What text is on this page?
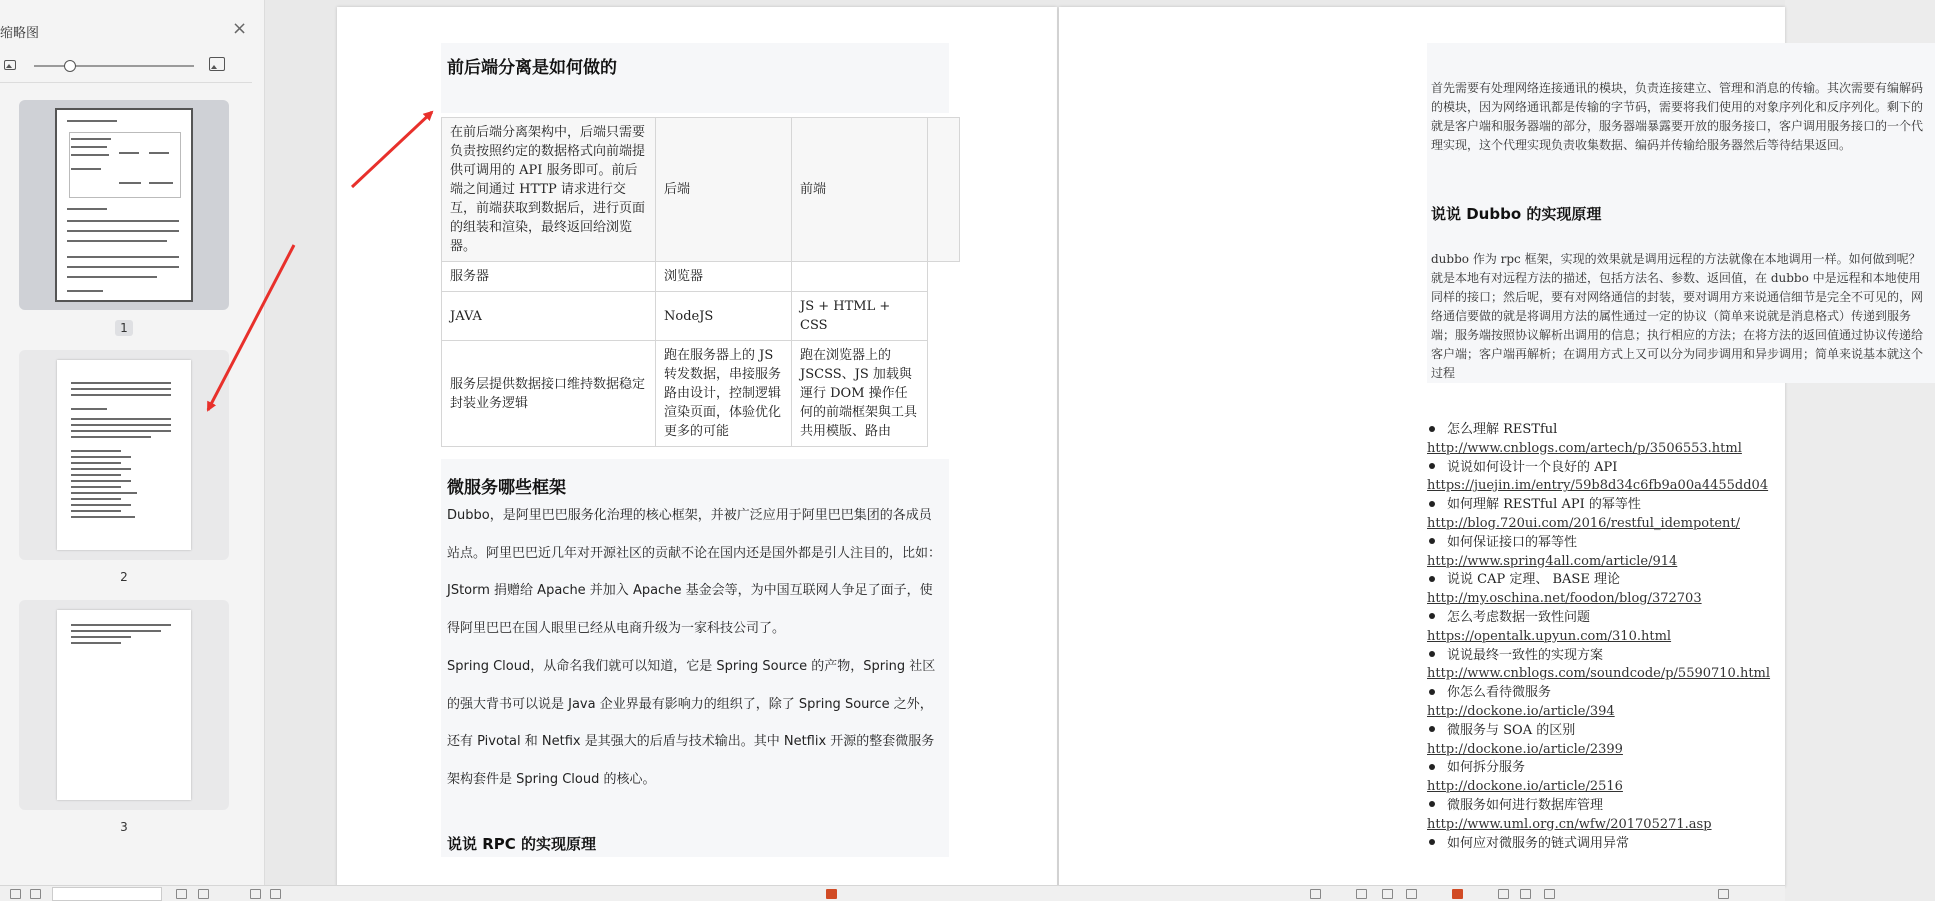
缩略图	×
1
2
3
前后端分离是如何做的
在前后端分离架构中，后端只需要负责按照约定的数据格式向前端提供可调用的 API 服务即可。前后端之间通过 HTTP 请求进行交互，前端获取到数据后，进行页面的组装和渲染，最终返回给浏览器。	后端	前端	
服务器	浏览器		
JAVA	NodeJS	JS + HTML + CSS	
服务层提供数据接口维持数据稳定封装业务逻辑	跑在服务器上的 JS 转发数据，串接服务路由设计，控制逻辑渲染页面，体验优化更多的可能	跑在浏览器上的 JSCSS、JS 加载與運行 DOM 操作任何的前端框架與工具共用模版、路由	
微服务哪些框架
Dubbo，是阿里巴巴服务化治理的核心框架，并被广泛应用于阿里巴巴集团的各成员站点。阿里巴巴近几年对开源社区的贡献不论在国内还是国外都是引人注目的，比如：JStorm 捐赠给 Apache 并加入 Apache 基金会等，为中国互联网人争足了面子，使得阿里巴巴在国人眼里已经从电商升级为一家科技公司了。
Spring Cloud，从命名我们就可以知道，它是 Spring Source 的产物，Spring 社区的强大背书可以说是 Java 企业界最有影响力的组织了，除了 Spring Source 之外，还有 Pivotal 和 Netfix 是其强大的后盾与技术输出。其中 Netflix 开源的整套微服务架构套件是 Spring Cloud 的核心。
说说 RPC 的实现原理
首先需要有处理网络连接通讯的模块，负责连接建立、管理和消息的传输。其次需要有编解码的模块，因为网络通讯都是传输的字节码，需要将我们使用的对象序列化和反序列化。剩下的就是客户端和服务器端的部分，服务器端暴露要开放的服务接口，客户调用服务接口的一个代理实现，这个代理实现负责收集数据、编码并传输给服务器然后等待结果返回。
说说 Dubbo 的实现原理
dubbo 作为 rpc 框架，实现的效果就是调用远程的方法就像在本地调用一样。如何做到呢？就是本地有对远程方法的描述，包括方法名、参数、返回值，在 dubbo 中是远程和本地使用同样的接口；然后呢，要有对网络通信的封装，要对调用方来说通信细节是完全不可见的，网络通信要做的就是将调用方法的属性通过一定的协议（简单来说就是消息格式）传递到服务端；服务端按照协议解析出调用的信息；执行相应的方法；在将方法的返回值通过协议传递给客户端；客户端再解析；在调用方式上又可以分为同步调用和异步调用；简单来说基本就这个过程
怎么理解 RESTful
http://www.cnblogs.com/artech/p/3506553.html
说说如何设计一个良好的 API
https://juejin.im/entry/59b8d34c6fb9a00a4455dd04
如何理解 RESTful API 的幂等性
http://blog.720ui.com/2016/restful_idempotent/
如何保证接口的幂等性
http://www.spring4all.com/article/914
说说 CAP 定理、 BASE 理论
http://my.oschina.net/foodon/blog/372703
怎么考虑数据一致性问题
https://opentalk.upyun.com/310.html
说说最终一致性的实现方案
http://www.cnblogs.com/soundcode/p/5590710.html
你怎么看待微服务
http://dockone.io/article/394
微服务与 SOA 的区别
http://dockone.io/article/2399
如何拆分服务
http://dockone.io/article/2516
微服务如何进行数据库管理
http://www.uml.org.cn/wfw/201705271.asp
如何应对微服务的链式调用异常
